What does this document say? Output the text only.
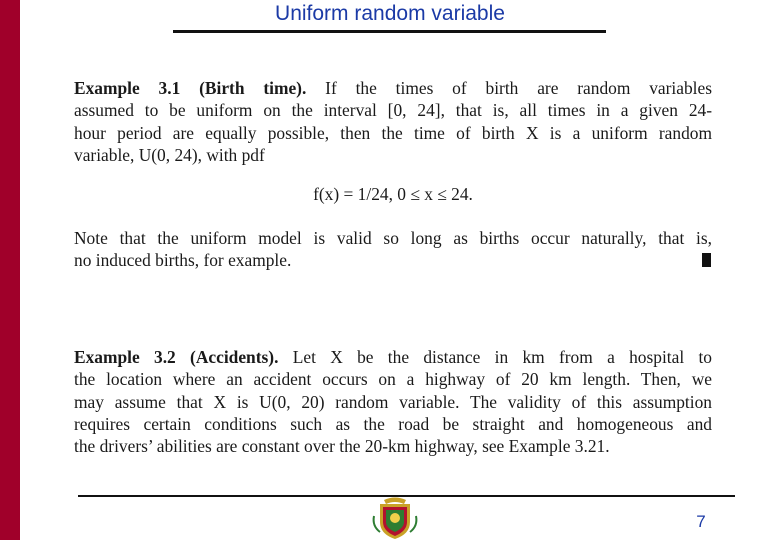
Uniform random variable
Example 3.1 (Birth time). If the times of birth are random variables
assumed to be uniform on the interval [0, 24], that is, all times in a given 24-
hour period are equally possible, then the time of birth X is a uniform random
variable, U(0, 24), with pdf
f(x) = 1/24, 0 ≤ x ≤ 24.
Note that the uniform model is valid so long as births occur naturally, that is,
no induced births, for example.
Example 3.2 (Accidents). Let X be the distance in km from a hospital to
the location where an accident occurs on a highway of 20 km length. Then, we
may assume that X is U(0, 20) random variable. The validity of this assumption
requires certain conditions such as the road be straight and homogeneous and
the drivers’ abilities are constant over the 20-km highway, see Example 3.21.
7
